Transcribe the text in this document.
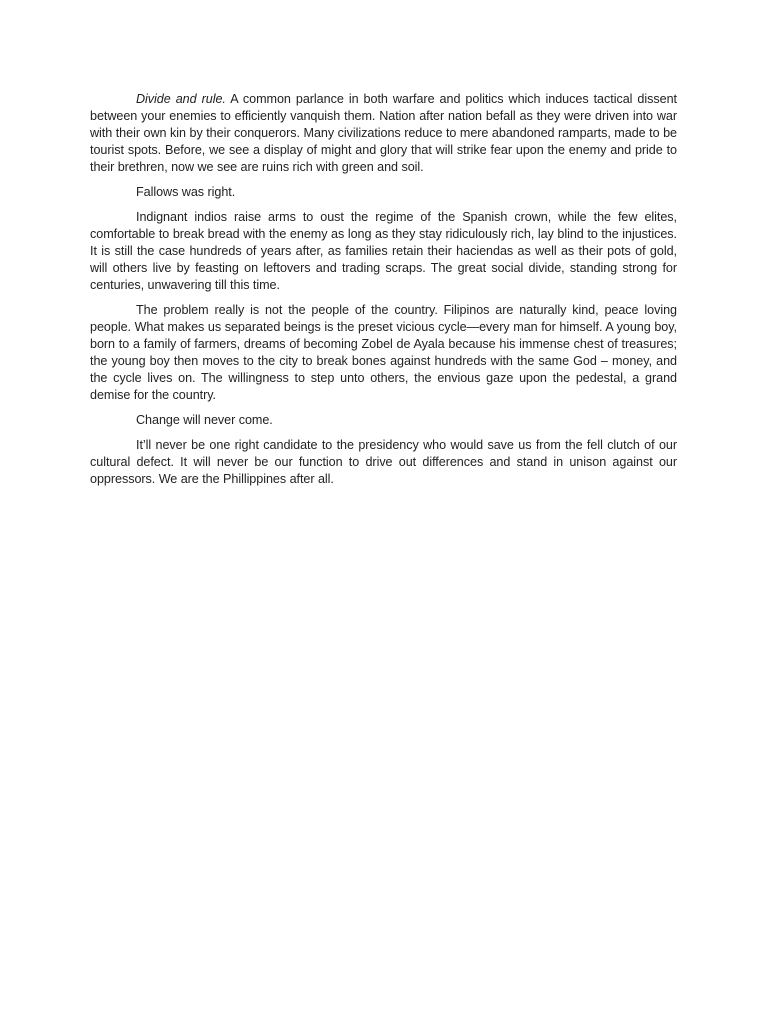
Divide and rule. A common parlance in both warfare and politics which induces tactical dissent between your enemies to efficiently vanquish them. Nation after nation befall as they were driven into war with their own kin by their conquerors. Many civilizations reduce to mere abandoned ramparts, made to be tourist spots. Before, we see a display of might and glory that will strike fear upon the enemy and pride to their brethren, now we see are ruins rich with green and soil.

Fallows was right.

Indignant indios raise arms to oust the regime of the Spanish crown, while the few elites, comfortable to break bread with the enemy as long as they stay ridiculously rich, lay blind to the injustices. It is still the case hundreds of years after, as families retain their haciendas as well as their pots of gold, will others live by feasting on leftovers and trading scraps. The great social divide, standing strong for centuries, unwavering till this time.

The problem really is not the people of the country. Filipinos are naturally kind, peace loving people. What makes us separated beings is the preset vicious cycle—every man for himself. A young boy, born to a family of farmers, dreams of becoming Zobel de Ayala because his immense chest of treasures; the young boy then moves to the city to break bones against hundreds with the same God – money, and the cycle lives on. The willingness to step unto others, the envious gaze upon the pedestal, a grand demise for the country.

Change will never come.

It’ll never be one right candidate to the presidency who would save us from the fell clutch of our cultural defect. It will never be our function to drive out differences and stand in unison against our oppressors. We are the Phillippines after all.
